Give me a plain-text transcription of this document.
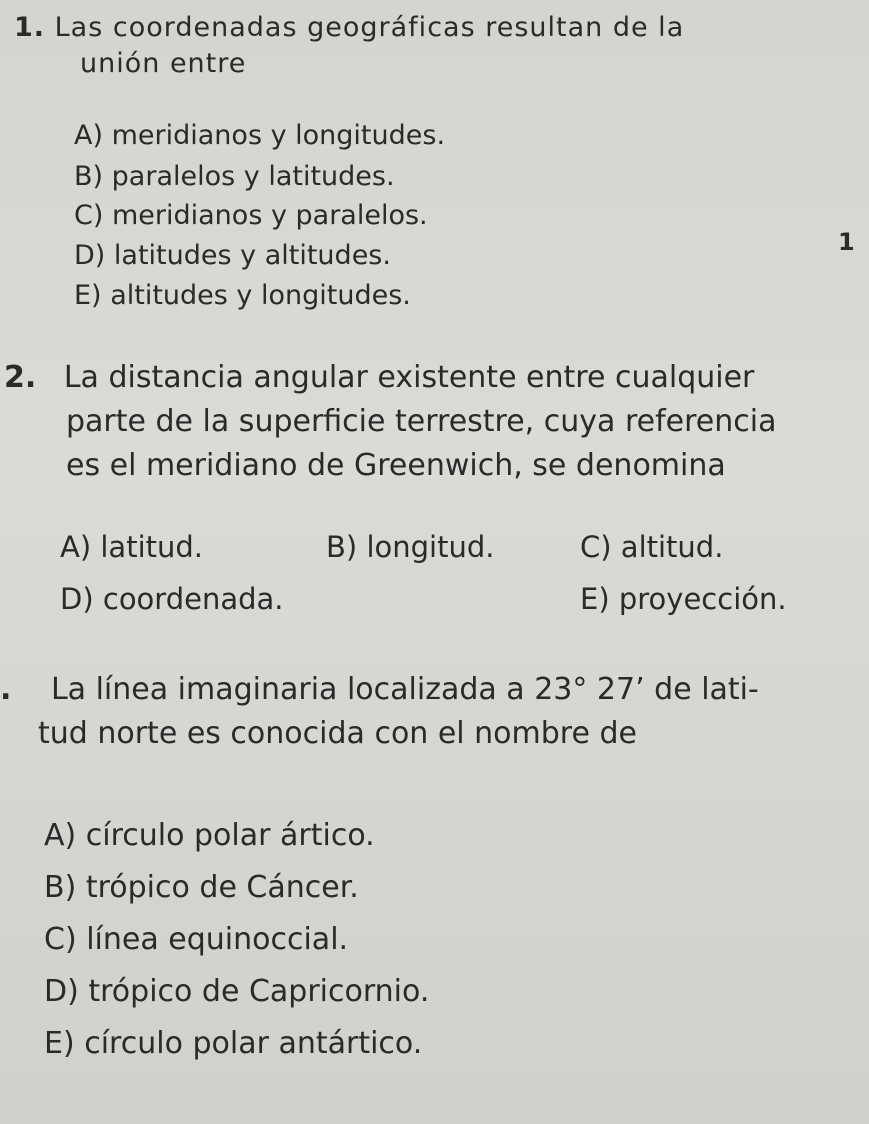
1. Las coordenadas geográficas resultan de la
unión entre
A) meridianos y longitudes.
B) paralelos y latitudes.
C) meridianos y paralelos.
D) latitudes y altitudes.
E) altitudes y longitudes.
1
2. La distancia angular existente entre cualquier
parte de la superficie terrestre, cuya referencia
es el meridiano de Greenwich, se denomina
A) latitud.	B) longitud.	C) altitud.
D) coordenada.	E) proyección.
. La línea imaginaria localizada a 23° 27’ de lati-
tud norte es conocida con el nombre de
A) círculo polar ártico.
B) trópico de Cáncer.
C) línea equinoccial.
D) trópico de Capricornio.
E) círculo polar antártico.
